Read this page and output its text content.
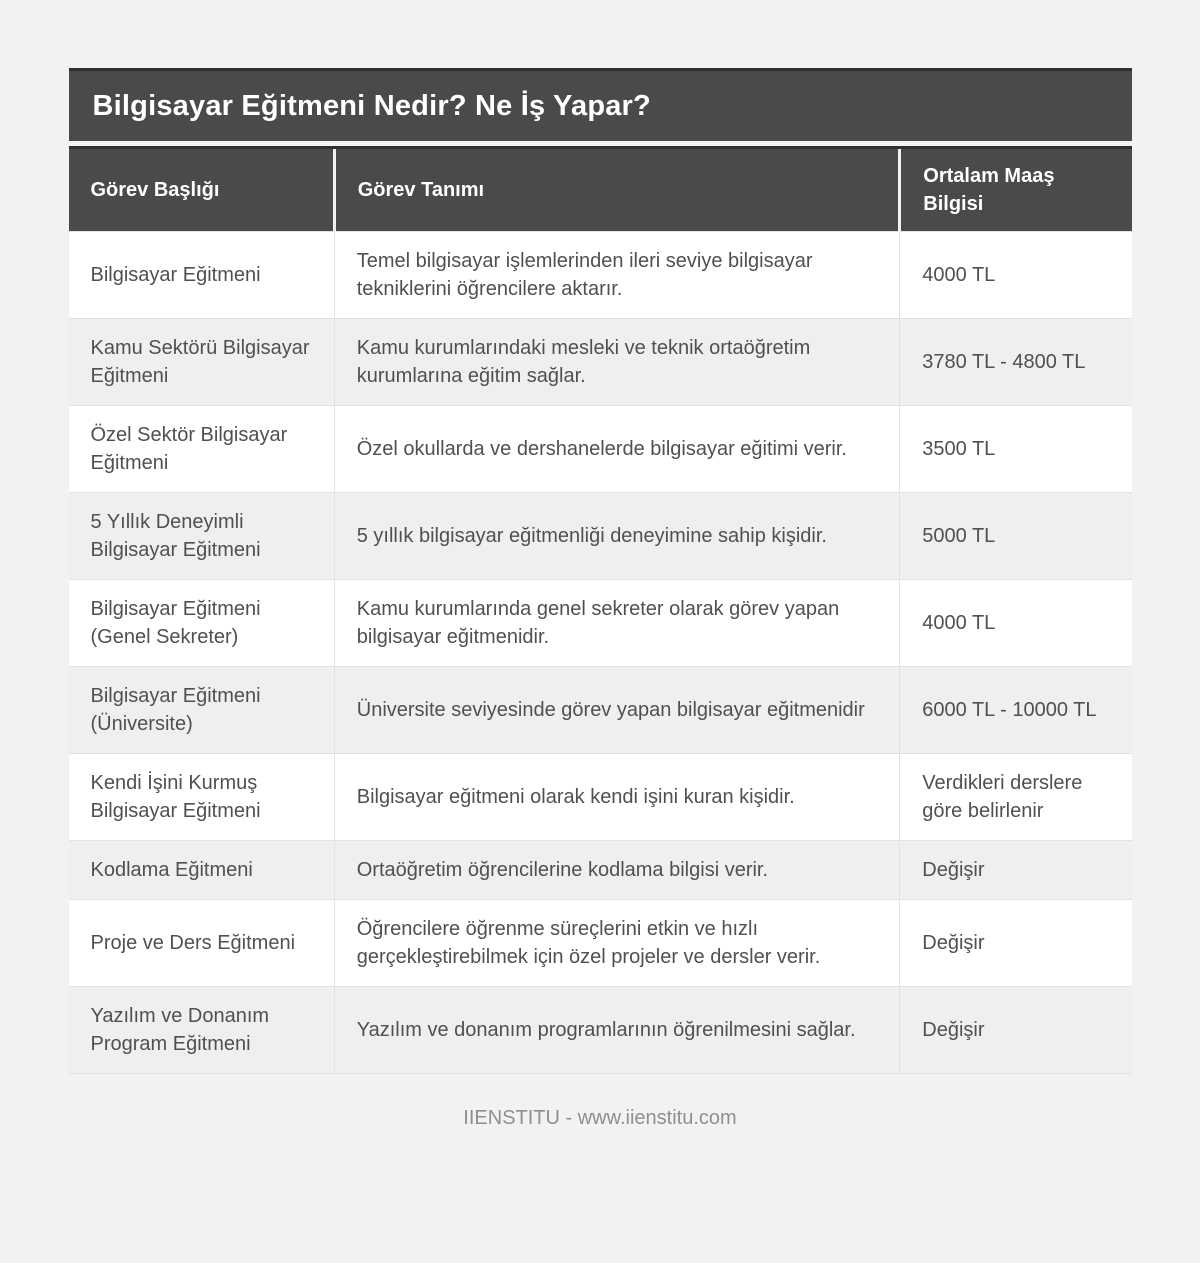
Bilgisayar Eğitmeni Nedir? Ne İş Yapar?
Görev Başlığı	Görev Tanımı	Ortalam Maaş Bilgisi
Bilgisayar Eğitmeni	Temel bilgisayar işlemlerinden ileri seviye bilgisayar tekniklerini öğrencilere aktarır.	4000 TL
Kamu Sektörü Bilgisayar Eğitmeni	Kamu kurumlarındaki mesleki ve teknik ortaöğretim kurumlarına eğitim sağlar.	3780 TL - 4800 TL
Özel Sektör Bilgisayar Eğitmeni	Özel okullarda ve dershanelerde bilgisayar eğitimi verir.	3500 TL
5 Yıllık Deneyimli Bilgisayar Eğitmeni	5 yıllık bilgisayar eğitmenliği deneyimine sahip kişidir.	5000 TL
Bilgisayar Eğitmeni (Genel Sekreter)	Kamu kurumlarında genel sekreter olarak görev yapan bilgisayar eğitmenidir.	4000 TL
Bilgisayar Eğitmeni (Üniversite)	Üniversite seviyesinde görev yapan bilgisayar eğitmenidir	6000 TL - 10000 TL
Kendi İşini Kurmuş Bilgisayar Eğitmeni	Bilgisayar eğitmeni olarak kendi işini kuran kişidir.	Verdikleri derslere göre belirlenir
Kodlama Eğitmeni	Ortaöğretim öğrencilerine kodlama bilgisi verir.	Değişir
Proje ve Ders Eğitmeni	Öğrencilere öğrenme süreçlerini etkin ve hızlı gerçekleştirebilmek için özel projeler ve dersler verir.	Değişir
Yazılım ve Donanım Program Eğitmeni	Yazılım ve donanım programlarının öğrenilmesini sağlar.	Değişir
IIENSTITU - www.iienstitu.com
